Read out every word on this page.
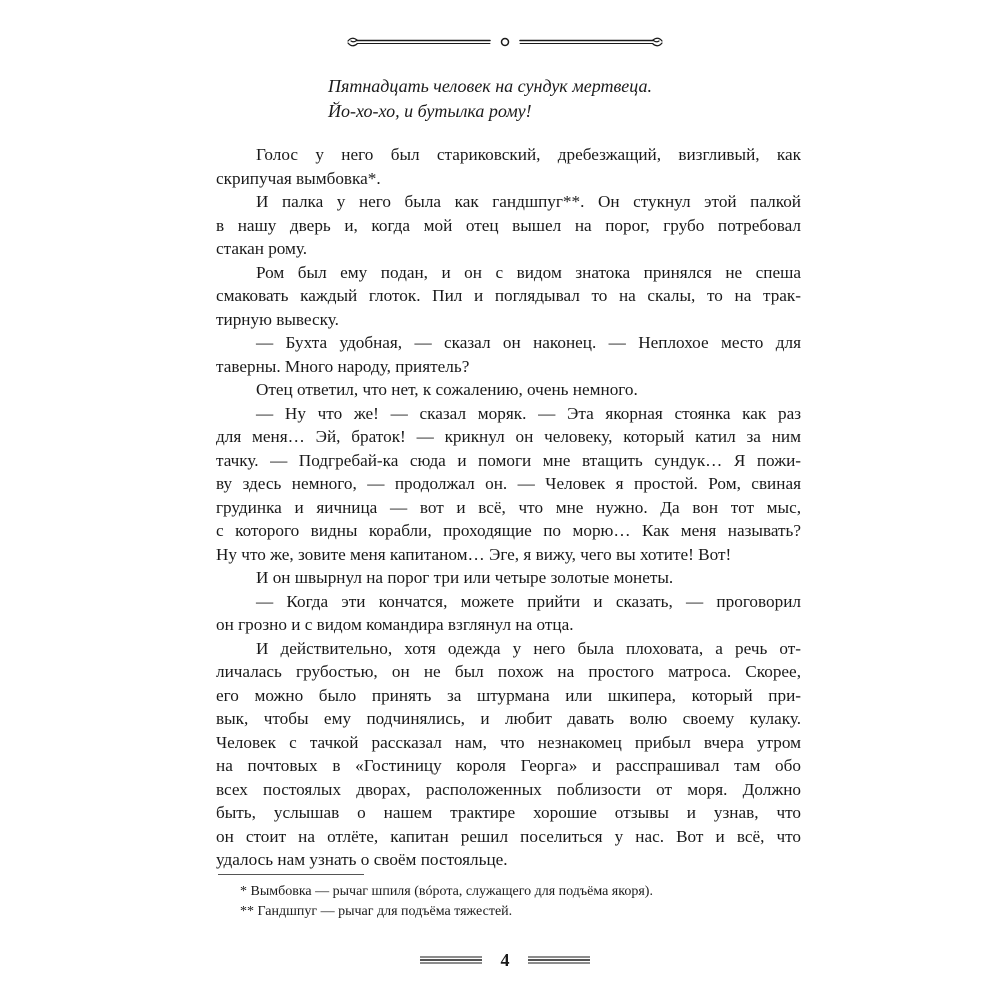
Пятнадцать человек на сундук мертвеца.
Йо-хо-хо, и бутылка рому!
Голос у него был стариковский, дребезжащий, визгливый, как
скрипучая вымбовка*.
И палка у него была как гандшпуг**. Он стукнул этой палкой
в нашу дверь и, когда мой отец вышел на порог, грубо потребовал
стакан рому.
Ром был ему подан, и он с видом знатока принялся не спеша
смаковать каждый глоток. Пил и поглядывал то на скалы, то на трак-
тирную вывеску.
— Бухта удобная, — сказал он наконец. — Неплохое место для
таверны. Много народу, приятель?
Отец ответил, что нет, к сожалению, очень немного.
— Ну что же! — сказал моряк. — Эта якорная стоянка как раз
для меня… Эй, браток! — крикнул он человеку, который катил за ним
тачку. — Подгребай-ка сюда и помоги мне втащить сундук… Я пожи-
ву здесь немного, — продолжал он. — Человек я простой. Ром, свиная
грудинка и яичница — вот и всё, что мне нужно. Да вон тот мыс,
с которого видны корабли, проходящие по морю… Как меня называть?
Ну что же, зовите меня капитаном… Эге, я вижу, чего вы хотите! Вот!
И он швырнул на порог три или четыре золотые монеты.
— Когда эти кончатся, можете прийти и сказать, — проговорил
он грозно и с видом командира взглянул на отца.
И действительно, хотя одежда у него была плоховата, а речь от-
личалась грубостью, он не был похож на простого матроса. Скорее,
его можно было принять за штурмана или шкипера, который при-
вык, чтобы ему подчинялись, и любит давать волю своему кулаку.
Человек с тачкой рассказал нам, что незнакомец прибыл вчера утром
на почтовых в «Гостиницу короля Георга» и расспрашивал там обо
всех постоялых дворах, расположенных поблизости от моря. Должно
быть, услышав о нашем трактире хорошие отзывы и узнав, что
он стоит на отлёте, капитан решил поселиться у нас. Вот и всё, что
удалось нам узнать о своём постояльце.
* Вымбовка — рычаг шпиля (вóрота, служащего для подъёма якоря).
** Гандшпуг — рычаг для подъёма тяжестей.
4
